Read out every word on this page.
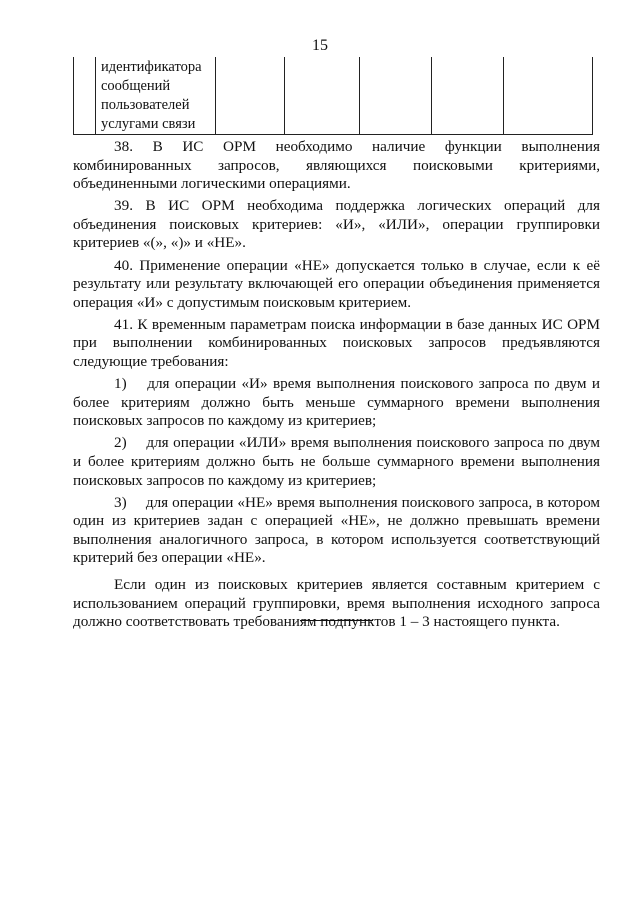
15

идентификатора
сообщений
пользователей
услугами связи

38. В ИС ОРМ необходимо наличие функции выполнения комбинированных запросов, являющихся поисковыми критериями, объединенными логическими операциями.

39. В ИС ОРМ необходима поддержка логических операций для объединения поисковых критериев: «И», «ИЛИ», операции группировки критериев «(», «)» и «НЕ».

40. Применение операции «НЕ» допускается только в случае, если к её результату или результату включающей его операции объединения применяется операция «И» с допустимым поисковым критерием.

41. К временным параметрам поиска информации в базе данных ИС ОРМ при выполнении комбинированных поисковых запросов предъявляются следующие требования:

1)  для операции «И» время выполнения поискового запроса по двум и более критериям должно быть меньше суммарного времени выполнения поисковых запросов по каждому из критериев;

2)  для операции «ИЛИ» время выполнения поискового запроса по двум и более критериям должно быть не больше суммарного времени выполнения поисковых запросов по каждому из критериев;

3)  для операции «НЕ» время выполнения поискового запроса, в котором один из критериев задан с операцией «НЕ», не должно превышать времени выполнения аналогичного запроса, в котором используется соответствующий критерий без операции «НЕ».

Если один из поисковых критериев является составным критерием с использованием операций группировки, время выполнения исходного запроса должно соответствовать требованиям подпунктов 1 – 3 настоящего пункта.
